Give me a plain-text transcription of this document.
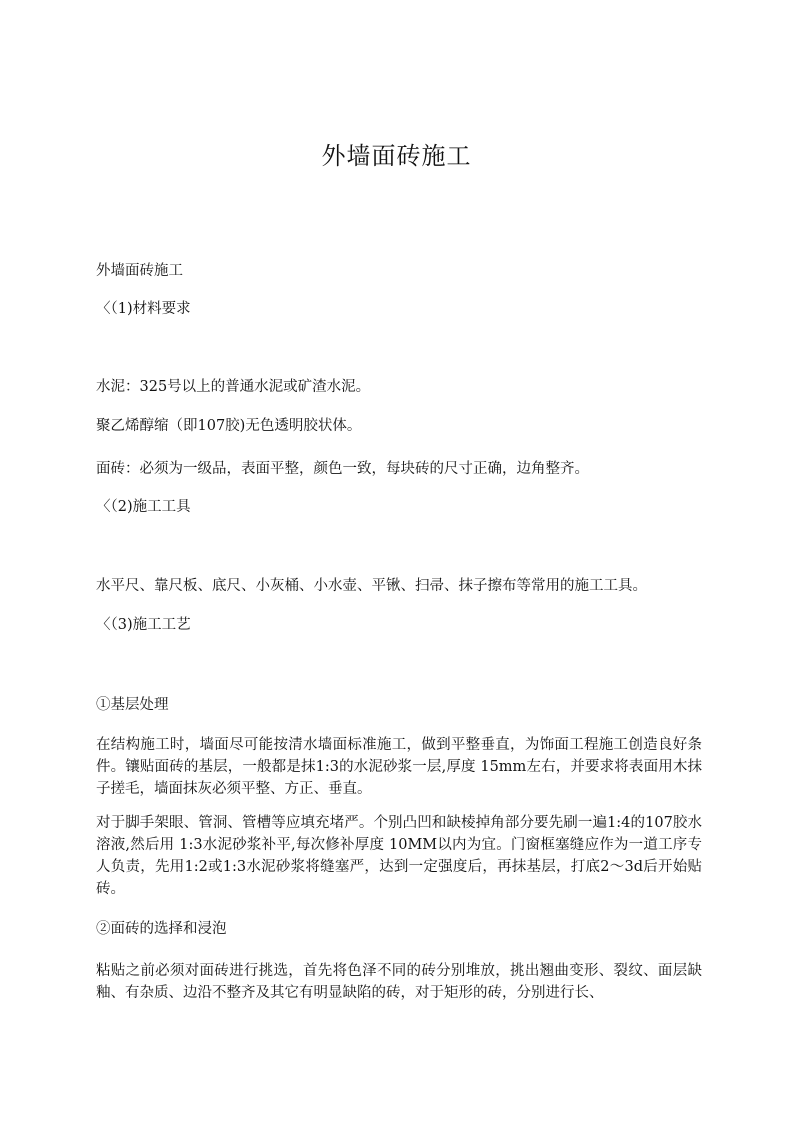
外墙面砖施工
外墙面砖施工
〈（1)材料要求
水泥：325号以上的普通水泥或矿渣水泥。
聚乙烯醇缩（即107胶)无色透明胶状体。
面砖：必须为一级品，表面平整，颜色一致，每块砖的尺寸正确，边角整齐。
〈（2)施工工具
水平尺、靠尺板、底尺、小灰桶、小水壶、平锹、扫帚、抹子擦布等常用的施工工具。
〈（3)施工工艺
①基层处理
在结构施工时，墙面尽可能按清水墙面标准施工，做到平整垂直，为饰面工程施工创造良好条件。镶贴面砖的基层，一般都是抹1:3的水泥砂浆一层,厚度 15mm左右，并要求将表面用木抹子搓毛，墙面抹灰必须平整、方正、垂直。
对于脚手架眼、管洞、管槽等应填充堵严。个别凸凹和缺棱掉角部分要先刷一遍1:4的107胶水溶液,然后用 1:3水泥砂浆补平,每次修补厚度 10MM以内为宜。门窗框塞缝应作为一道工序专人负责，先用1:2或1:3水泥砂浆将缝塞严，达到一定强度后，再抹基层，打底2～3d后开始贴砖。
②面砖的选择和浸泡
粘贴之前必须对面砖进行挑选，首先将色泽不同的砖分别堆放，挑出翘曲变形、裂纹、面层缺釉、有杂质、边沿不整齐及其它有明显缺陷的砖，对于矩形的砖，分别进行长、
